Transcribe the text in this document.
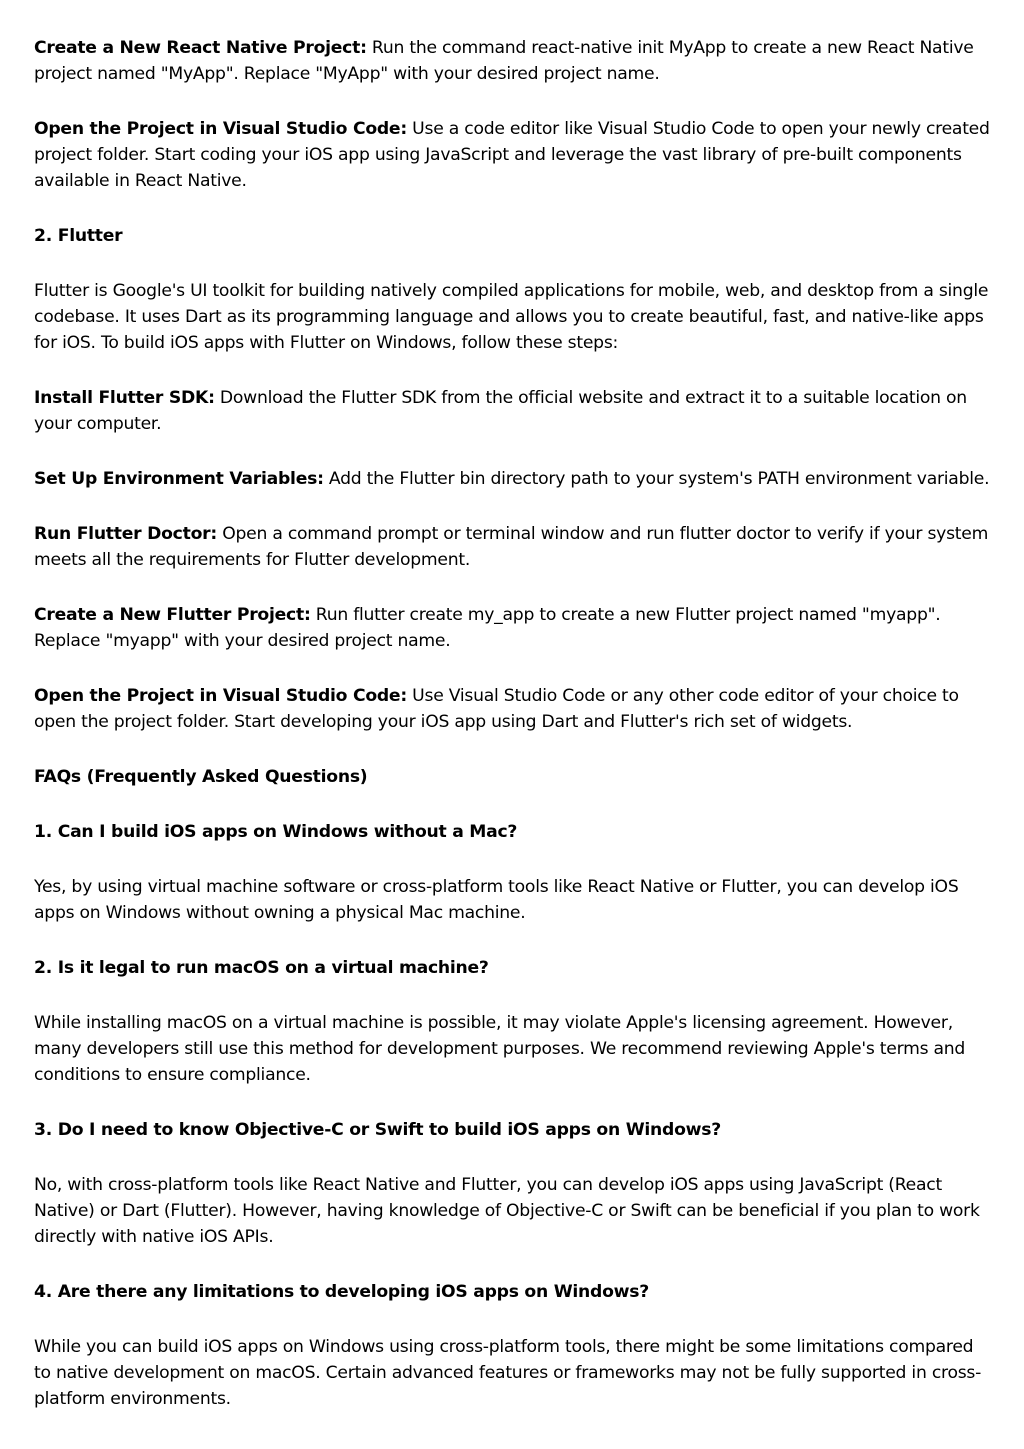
Create a New React Native Project: Run the command react-native init MyApp to create a new React Native project named "MyApp". Replace "MyApp" with your desired project name.

Open the Project in Visual Studio Code: Use a code editor like Visual Studio Code to open your newly created project folder. Start coding your iOS app using JavaScript and leverage the vast library of pre-built components available in React Native.

2. Flutter

Flutter is Google's UI toolkit for building natively compiled applications for mobile, web, and desktop from a single codebase. It uses Dart as its programming language and allows you to create beautiful, fast, and native-like apps for iOS. To build iOS apps with Flutter on Windows, follow these steps:

Install Flutter SDK: Download the Flutter SDK from the official website and extract it to a suitable location on your computer.

Set Up Environment Variables: Add the Flutter bin directory path to your system's PATH environment variable.

Run Flutter Doctor: Open a command prompt or terminal window and run flutter doctor to verify if your system meets all the requirements for Flutter development.

Create a New Flutter Project: Run flutter create my_app to create a new Flutter project named "myapp". Replace "myapp" with your desired project name.

Open the Project in Visual Studio Code: Use Visual Studio Code or any other code editor of your choice to open the project folder. Start developing your iOS app using Dart and Flutter's rich set of widgets.

FAQs (Frequently Asked Questions)

1. Can I build iOS apps on Windows without a Mac?

Yes, by using virtual machine software or cross-platform tools like React Native or Flutter, you can develop iOS apps on Windows without owning a physical Mac machine.

2. Is it legal to run macOS on a virtual machine?

While installing macOS on a virtual machine is possible, it may violate Apple's licensing agreement. However, many developers still use this method for development purposes. We recommend reviewing Apple's terms and conditions to ensure compliance.

3. Do I need to know Objective-C or Swift to build iOS apps on Windows?

No, with cross-platform tools like React Native and Flutter, you can develop iOS apps using JavaScript (React Native) or Dart (Flutter). However, having knowledge of Objective-C or Swift can be beneficial if you plan to work directly with native iOS APIs.

4. Are there any limitations to developing iOS apps on Windows?

While you can build iOS apps on Windows using cross-platform tools, there might be some limitations compared to native development on macOS. Certain advanced features or frameworks may not be fully supported in cross-platform environments.
